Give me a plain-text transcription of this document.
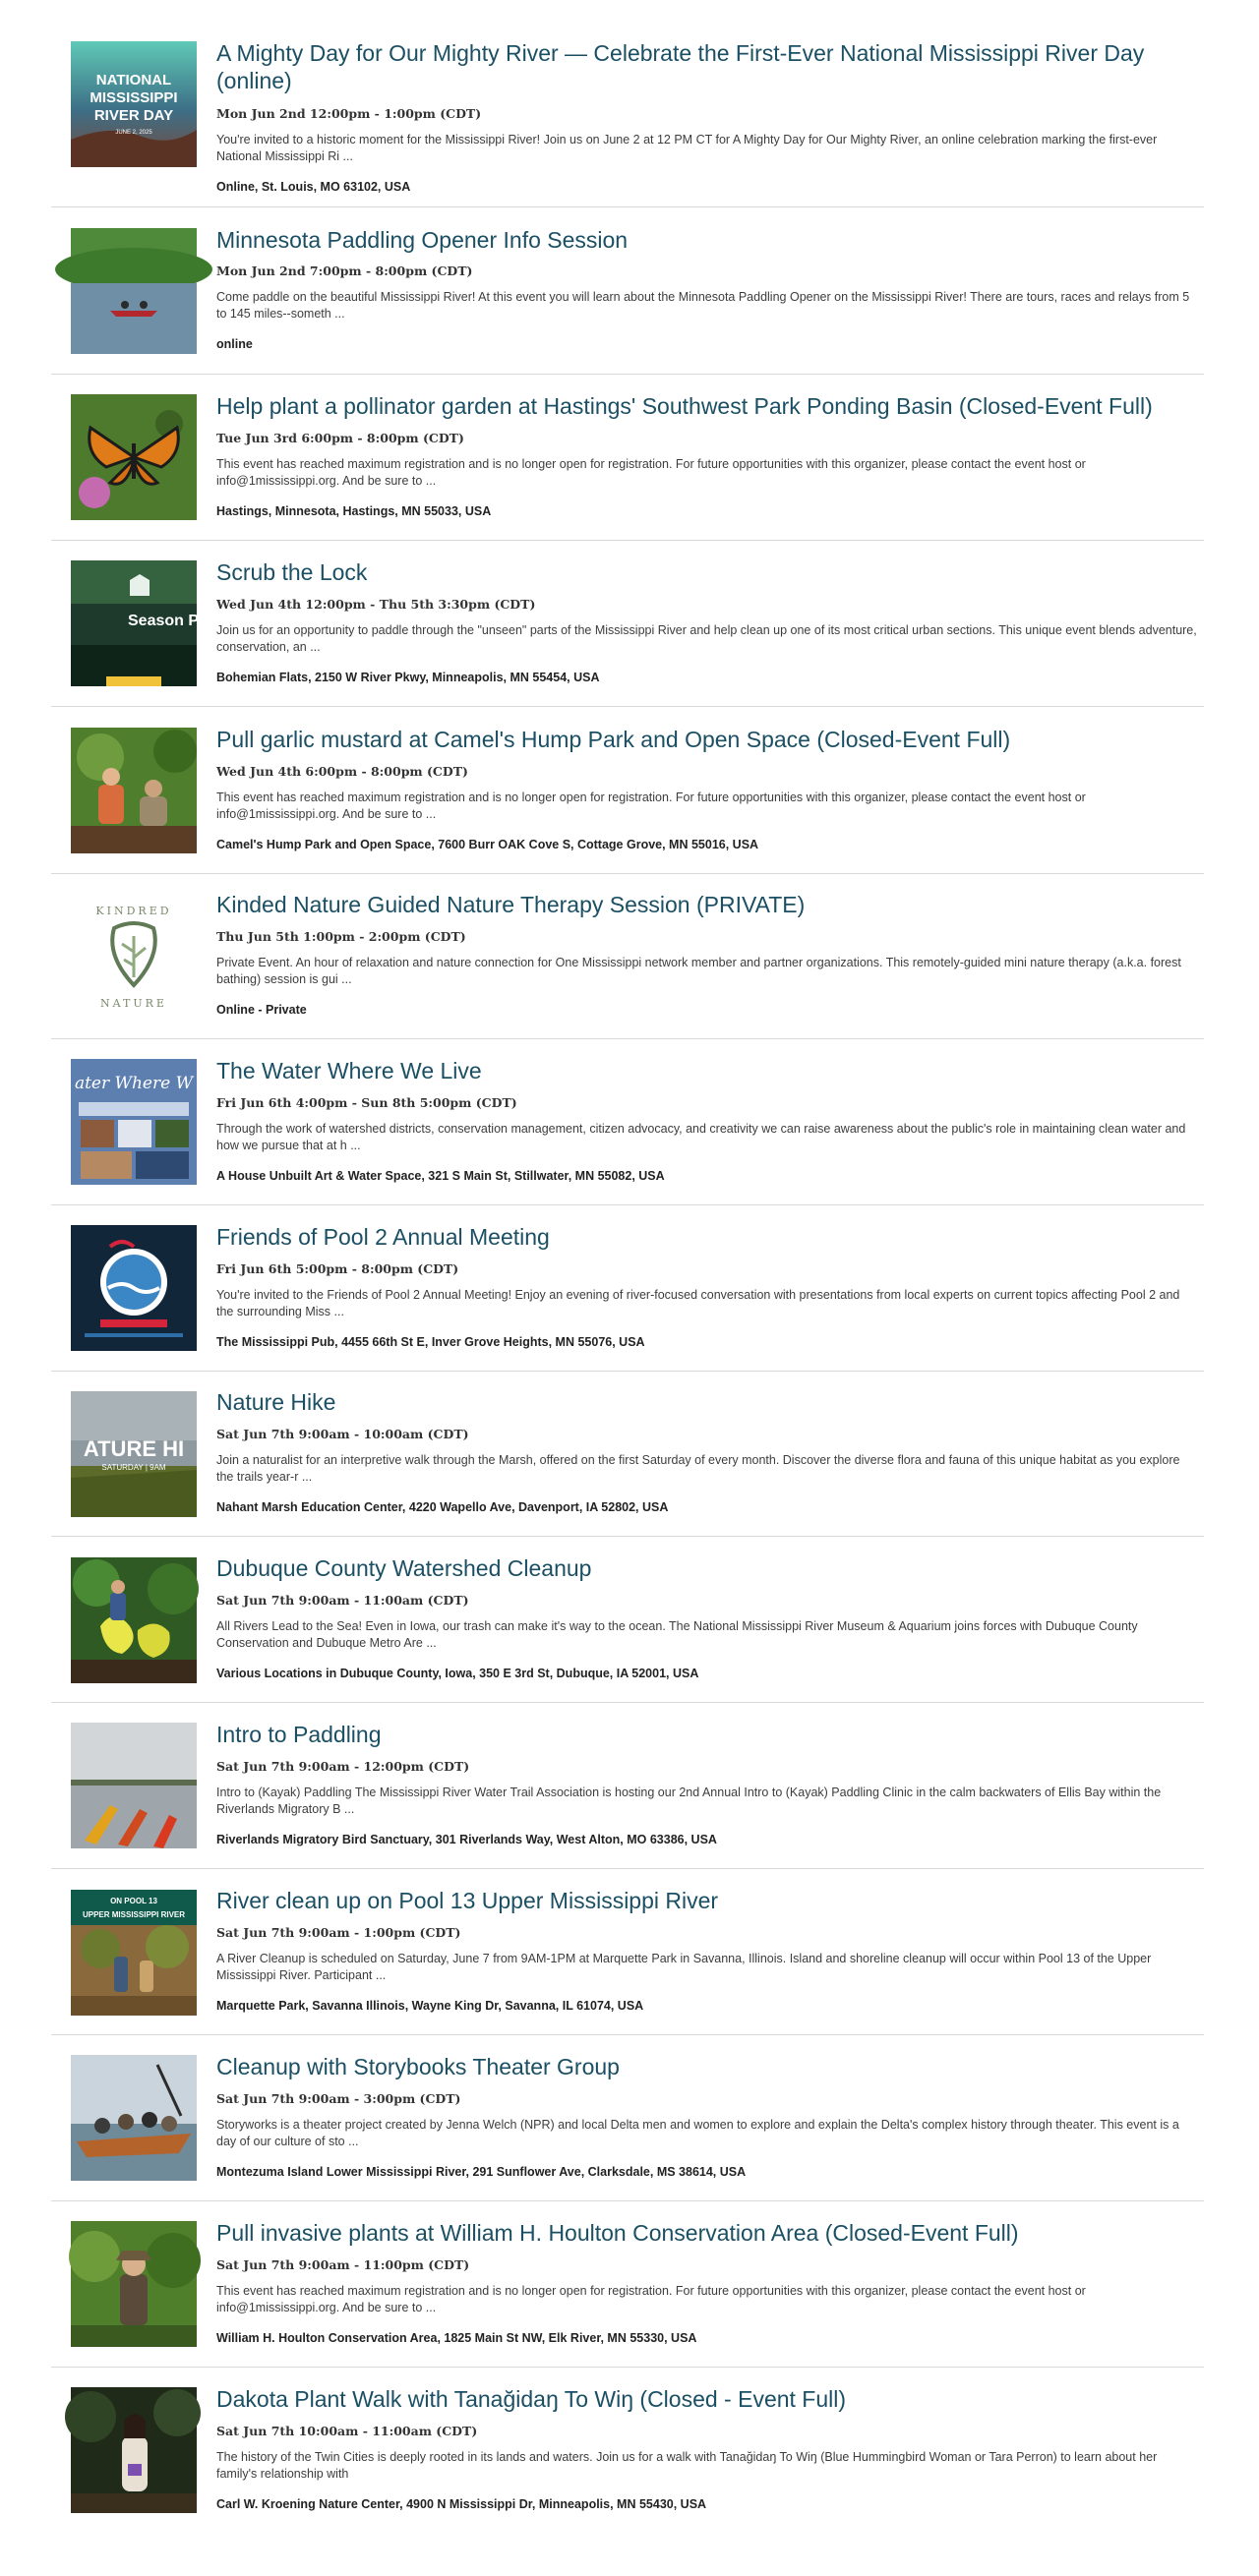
NATIONAL
MISSISSIPPI
RIVER DAY
JUNE 2, 2025
A Mighty Day for Our Mighty River — Celebrate the First-Ever National Mississippi River Day (online)
Mon Jun 2nd 12:00pm - 1:00pm (CDT)
You're invited to a historic moment for the Mississippi River! Join us on June 2 at 12 PM CT for A Mighty Day for Our Mighty River, an online celebration marking the first-ever National Mississippi Ri ...
Online, St. Louis, MO 63102, USA
Minnesota Paddling Opener Info Session
Mon Jun 2nd 7:00pm - 8:00pm (CDT)
Come paddle on the beautiful Mississippi River! At this event you will learn about the Minnesota Paddling Opener on the Mississippi River! There are tours, races and relays from 5 to 145 miles--someth ...
online
Help plant a pollinator garden at Hastings' Southwest Park Ponding Basin (Closed-Event Full)
Tue Jun 3rd 6:00pm - 8:00pm (CDT)
This event has reached maximum registration and is no longer open for registration. For future opportunities with this organizer, please contact the event host or info@1mississippi.org. And be sure to ...
Hastings, Minnesota, Hastings, MN 55033, USA
Season Pa
Scrub the Lock
Wed Jun 4th 12:00pm - Thu 5th 3:30pm (CDT)
Join us for an opportunity to paddle through the "unseen" parts of the Mississippi River and help clean up one of its most critical urban sections. This unique event blends adventure, conservation, an ...
Bohemian Flats, 2150 W River Pkwy, Minneapolis, MN 55454, USA
Pull garlic mustard at Camel's Hump Park and Open Space (Closed-Event Full)
Wed Jun 4th 6:00pm - 8:00pm (CDT)
This event has reached maximum registration and is no longer open for registration. For future opportunities with this organizer, please contact the event host or info@1mississippi.org. And be sure to ...
Camel's Hump Park and Open Space, 7600 Burr OAK Cove S, Cottage Grove, MN 55016, USA
KINDRED
NATURE
Kinded Nature Guided Nature Therapy Session (PRIVATE)
Thu Jun 5th 1:00pm - 2:00pm (CDT)
Private Event. An hour of relaxation and nature connection for One Mississippi network member and partner organizations. This remotely-guided mini nature therapy (a.k.a. forest bathing) session is gui ...
Online - Private
ater Where W The Water Where We Live
Fri Jun 6th 4:00pm - Sun 8th 5:00pm (CDT)
Through the work of watershed districts, conservation management, citizen advocacy, and creativity we can raise awareness about the public's role in maintaining clean water and how we pursue that at h ...
A House Unbuilt Art & Water Space, 321 S Main St, Stillwater, MN 55082, USA
Friends of Pool 2 Annual Meeting
Fri Jun 6th 5:00pm - 8:00pm (CDT)
You're invited to the Friends of Pool 2 Annual Meeting! Enjoy an evening of river-focused conversation with presentations from local experts on current topics affecting Pool 2 and the surrounding Miss ...
The Mississippi Pub, 4455 66th St E, Inver Grove Heights, MN 55076, USA
ATURE HI
SATURDAY | 9AM
Nature Hike
Sat Jun 7th 9:00am - 10:00am (CDT)
Join a naturalist for an interpretive walk through the Marsh, offered on the first Saturday of every month. Discover the diverse flora and fauna of this unique habitat as you explore the trails year-r ...
Nahant Marsh Education Center, 4220 Wapello Ave, Davenport, IA 52802, USA
Dubuque County Watershed Cleanup
Sat Jun 7th 9:00am - 11:00am (CDT)
All Rivers Lead to the Sea! Even in Iowa, our trash can make it's way to the ocean. The National Mississippi River Museum & Aquarium joins forces with Dubuque County Conservation and Dubuque Metro Are ...
Various Locations in Dubuque County, Iowa, 350 E 3rd St, Dubuque, IA 52001, USA
Intro to Paddling
Sat Jun 7th 9:00am - 12:00pm (CDT)
Intro to (Kayak) Paddling The Mississippi River Water Trail Association is hosting our 2nd Annual Intro to (Kayak) Paddling Clinic in the calm backwaters of Ellis Bay within the Riverlands Migratory B ...
Riverlands Migratory Bird Sanctuary, 301 Riverlands Way, West Alton, MO 63386, USA
ON POOL 13
UPPER MISSISSIPPI RIVER
River clean up on Pool 13 Upper Mississippi River
Sat Jun 7th 9:00am - 1:00pm (CDT)
A River Cleanup is scheduled on Saturday, June 7 from 9AM-1PM at Marquette Park in Savanna, Illinois. Island and shoreline cleanup will occur within Pool 13 of the Upper Mississippi River. Participant ...
Marquette Park, Savanna Illinois, Wayne King Dr, Savanna, IL 61074, USA
Cleanup with Storybooks Theater Group
Sat Jun 7th 9:00am - 3:00pm (CDT)
Storyworks is a theater project created by Jenna Welch (NPR) and local Delta men and women to explore and explain the Delta's complex history through theater. This event is a day of our culture of sto ...
Montezuma Island Lower Mississippi River, 291 Sunflower Ave, Clarksdale, MS 38614, USA
Pull invasive plants at William H. Houlton Conservation Area (Closed-Event Full)
Sat Jun 7th 9:00am - 11:00pm (CDT)
This event has reached maximum registration and is no longer open for registration. For future opportunities with this organizer, please contact the event host or info@1mississippi.org. And be sure to ...
William H. Houlton Conservation Area, 1825 Main St NW, Elk River, MN 55330, USA
Dakota Plant Walk with Tanağidaŋ To Wiŋ (Closed - Event Full)
Sat Jun 7th 10:00am - 11:00am (CDT)
The history of the Twin Cities is deeply rooted in its lands and waters. Join us for a walk with Tanağidaŋ To Wiŋ (Blue Hummingbird Woman or Tara Perron) to learn about her family's relationship with
Carl W. Kroening Nature Center, 4900 N Mississippi Dr, Minneapolis, MN 55430, USA
